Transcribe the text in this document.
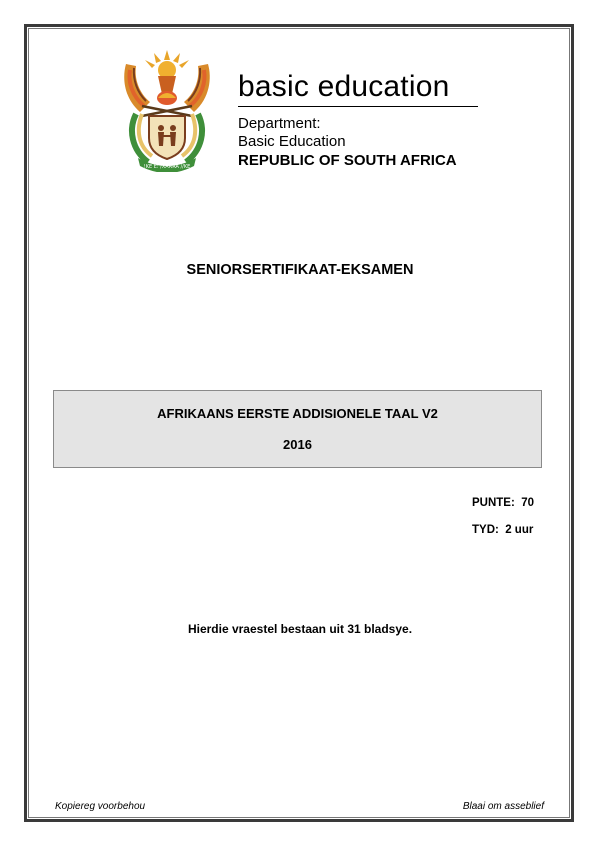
!KE E: /XARRA //KE
basic education
Department:
Basic Education
REPUBLIC OF SOUTH AFRICA
SENIORSERTIFIKAAT-EKSAMEN
AFRIKAANS EERSTE ADDISIONELE TAAL V2
2016
PUNTE:  70
TYD:  2 uur
Hierdie vraestel bestaan uit 31 bladsye.
Kopiereg voorbehou	Blaai om asseblief
